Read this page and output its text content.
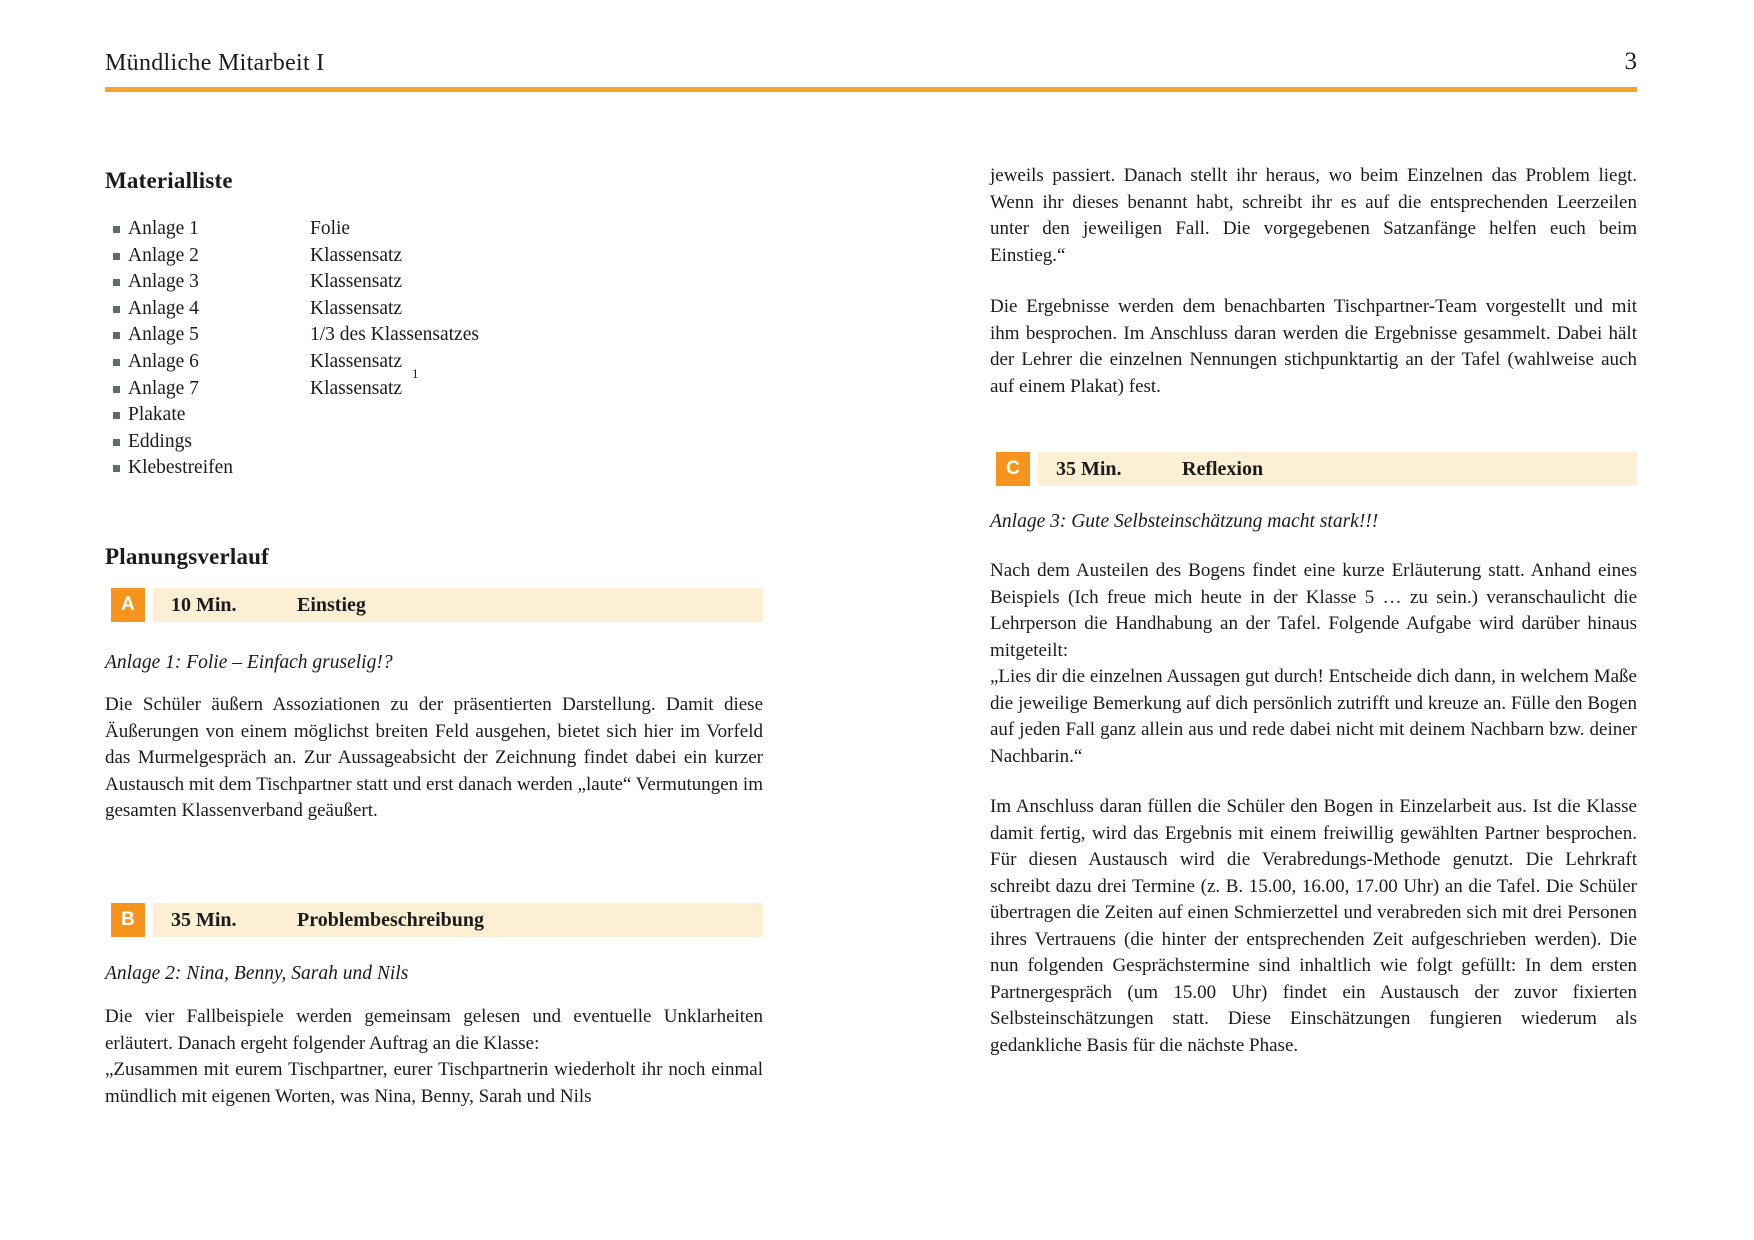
Mündliche Mitarbeit I	3
Materialliste
Anlage 1	Folie
Anlage 2	Klassensatz
Anlage 3	Klassensatz
Anlage 4	Klassensatz
Anlage 5	1/3 des Klassensatzes
Anlage 6	Klassensatz
Anlage 7	Klassensatz
1
Plakate
Eddings
Klebestreifen
Planungsverlauf
A	10 Min.	Einstieg
Anlage 1: Folie – Einfach gruselig!?

Die Schüler äußern Assoziationen zu der präsentierten Darstellung. Damit diese Äußerungen von einem möglichst breiten Feld ausgehen, bietet sich hier im Vorfeld das Murmelgespräch an. Zur Aussageabsicht der Zeichnung findet dabei ein kurzer Austausch mit dem Tischpartner statt und erst danach werden „laute“ Vermutungen im gesamten Klassenverband geäußert.

B	35 Min.	Problembeschreibung
Anlage 2: Nina, Benny, Sarah und Nils

Die vier Fallbeispiele werden gemeinsam gelesen und eventuelle Unklarheiten erläutert. Danach ergeht folgender Auftrag an die Klasse:

„Zusammen mit eurem Tischpartner, eurer Tischpartnerin wiederholt ihr noch einmal mündlich mit eigenen Worten, was Nina, Benny, Sarah und Nils

jeweils passiert. Danach stellt ihr heraus, wo beim Einzelnen das Problem liegt. Wenn ihr dieses benannt habt, schreibt ihr es auf die entsprechenden Leerzeilen unter den jeweiligen Fall. Die vorgegebenen Satzanfänge helfen euch beim Einstieg.“

Die Ergebnisse werden dem benachbarten Tischpartner-Team vorgestellt und mit ihm besprochen. Im Anschluss daran werden die Ergebnisse gesammelt. Dabei hält der Lehrer die einzelnen Nennungen stichpunktartig an der Tafel (wahlweise auch auf einem Plakat) fest.

C	35 Min.	Reflexion
Anlage 3: Gute Selbsteinschätzung macht stark!!!

Nach dem Austeilen des Bogens findet eine kurze Erläuterung statt. Anhand eines Beispiels (Ich freue mich heute in der Klasse 5 … zu sein.) veranschaulicht die Lehrperson die Handhabung an der Tafel. Folgende Aufgabe wird darüber hinaus mitgeteilt:

„Lies dir die einzelnen Aussagen gut durch! Entscheide dich dann, in welchem Maße die jeweilige Bemerkung auf dich persönlich zutrifft und kreuze an. Fülle den Bogen auf jeden Fall ganz allein aus und rede dabei nicht mit deinem Nachbarn bzw. deiner Nachbarin.“

Im Anschluss daran füllen die Schüler den Bogen in Einzelarbeit aus. Ist die Klasse damit fertig, wird das Ergebnis mit einem freiwillig gewählten Partner besprochen. Für diesen Austausch wird die Verabredungs-Methode genutzt. Die Lehrkraft schreibt dazu drei Termine (z. B. 15.00, 16.00, 17.00 Uhr) an die Tafel. Die Schüler übertragen die Zeiten auf einen Schmierzettel und verabreden sich mit drei Personen ihres Vertrauens (die hinter der entsprechenden Zeit aufgeschrieben werden). Die nun folgenden Gesprächstermine sind inhaltlich wie folgt gefüllt: In dem ersten Partnergespräch (um 15.00 Uhr) findet ein Austausch der zuvor fixierten Selbsteinschätzungen statt. Diese Einschätzungen fungieren wiederum als gedankliche Basis für die nächste Phase.
